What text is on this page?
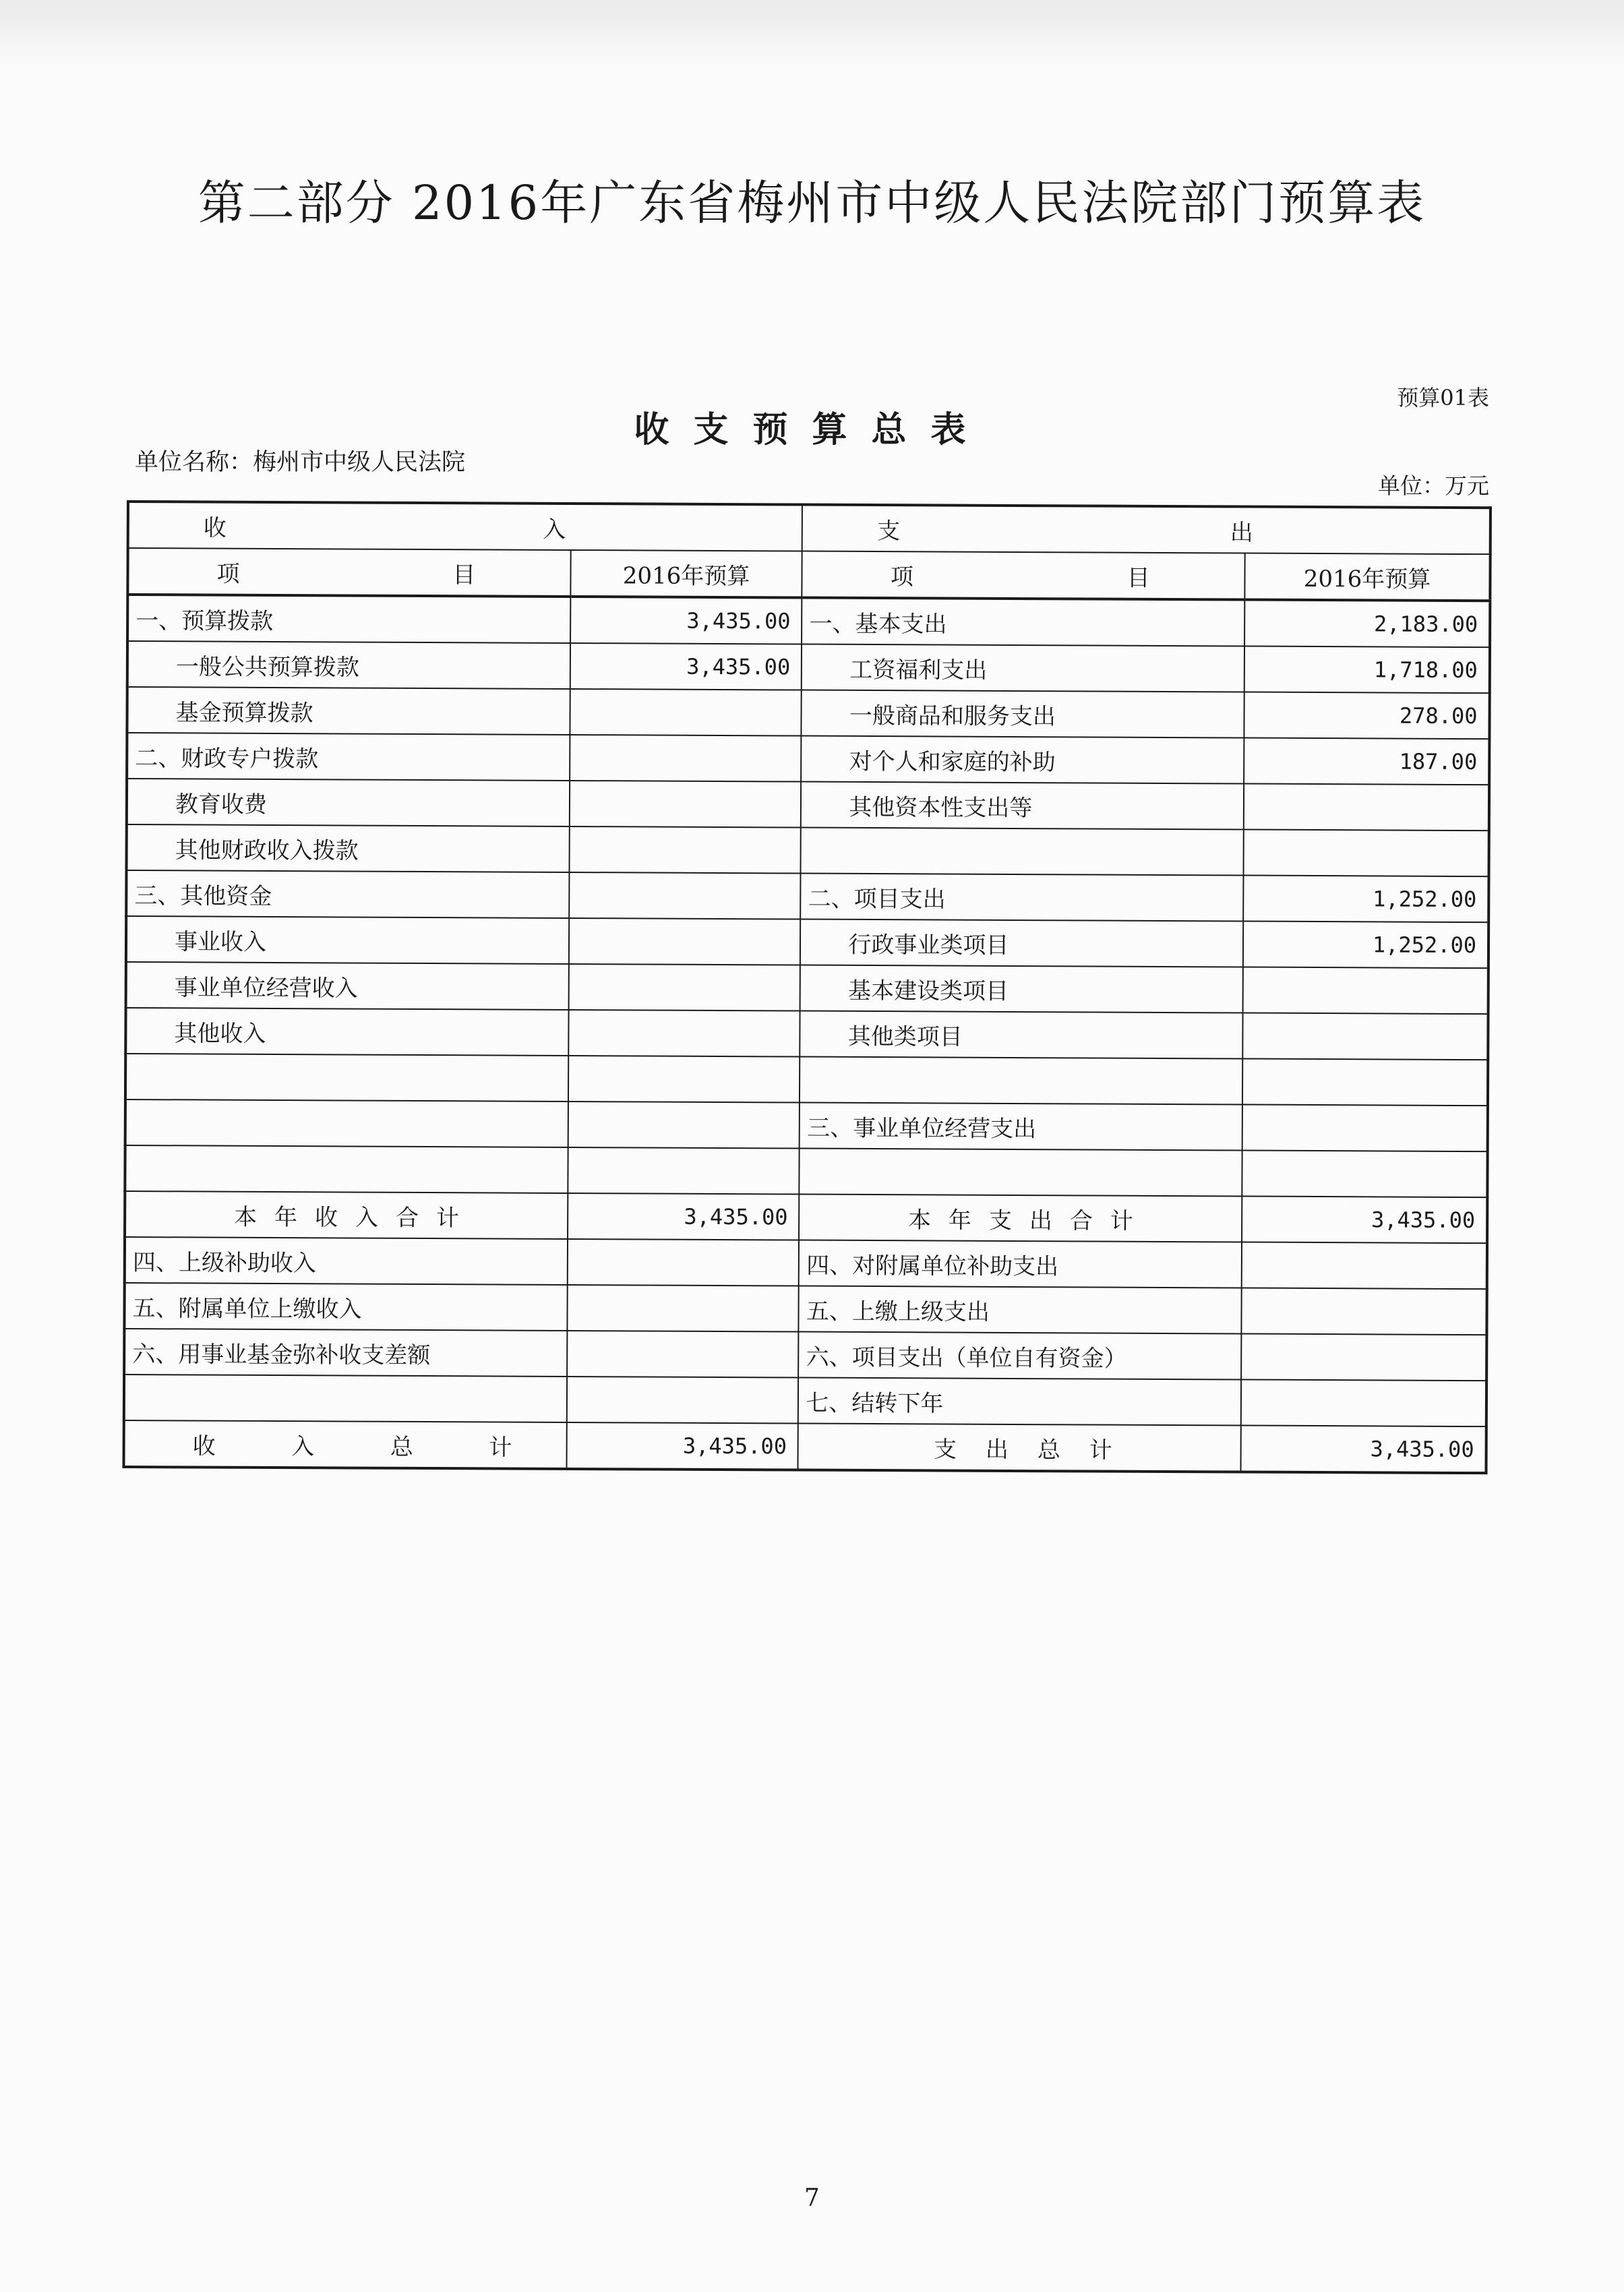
第二部分 2016年广东省梅州市中级人民法院部门预算表
预算01表
收支预算总表
单位名称：梅州市中级人民法院
单位：万元
收 入		支 出	

项 目	2016年预算	项 目	2016年预算
一、预算拨款	3,435.00	一、基本支出	2,183.00
一般公共预算拨款	3,435.00	工资福利支出	1,718.00
基金预算拨款		一般商品和服务支出	278.00
二、财政专户拨款		对个人和家庭的补助	187.00
教育收费		其他资本性支出等	
其他财政收入拨款			
三、其他资金		二、项目支出	1,252.00
事业收入		行政事业类项目	1,252.00
事业单位经营收入		基本建设类项目	
其他收入		其他类项目	

		三、事业单位经营支出	

本年收入合计	3,435.00	本年支出合计	3,435.00
四、上级补助收入		四、对附属单位补助支出	
五、附属单位上缴收入		五、上缴上级支出	
六、用事业基金弥补收支差额		六、项目支出（单位自有资金）	
		七、结转下年	

收 入 总 计	3,435.00	支 出 总 计	3,435.00
7
